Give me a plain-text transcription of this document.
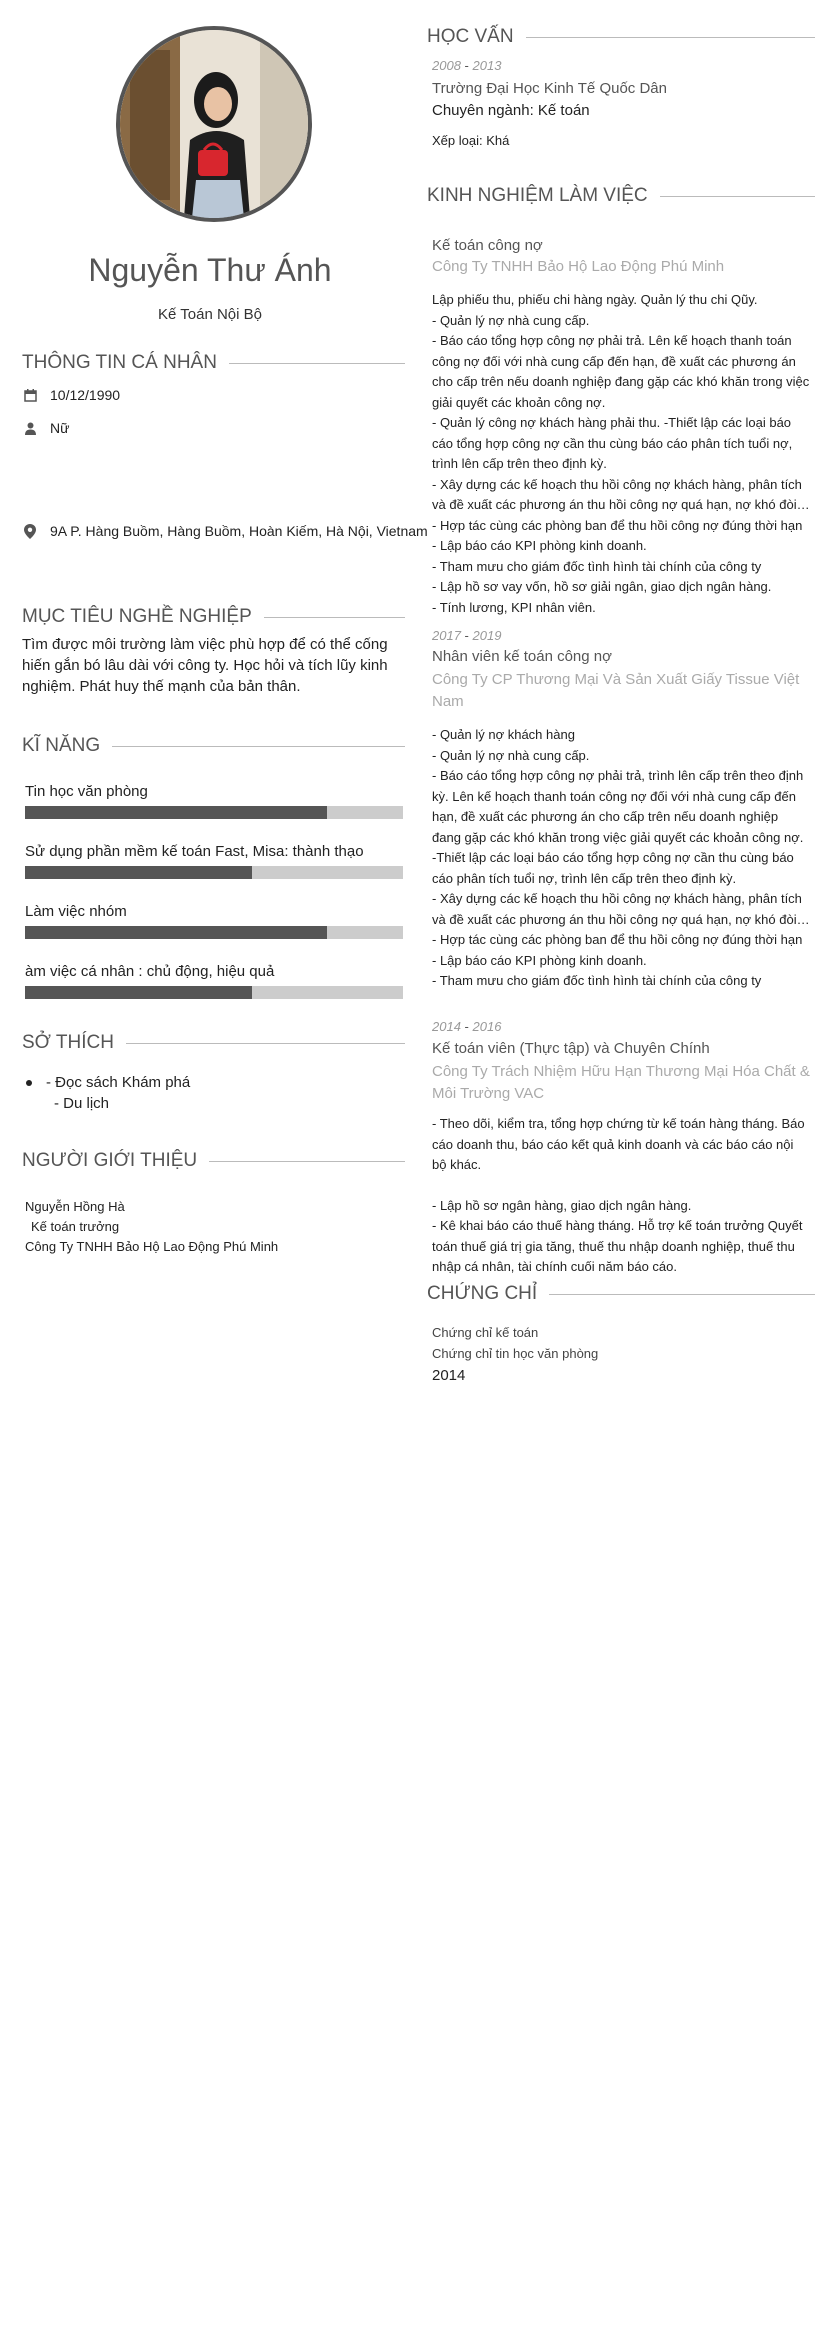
Nguyễn Thư Ánh
Kế Toán Nội Bộ
THÔNG TIN CÁ NHÂN
10/12/1990
Nữ
9A P. Hàng Buồm, Hàng Buồm, Hoàn Kiếm, Hà Nội, Vietnam
MỤC TIÊU NGHỀ NGHIỆP
Tìm được môi trường làm việc phù hợp để có thể cống hiến gắn bó lâu dài với công ty. Học hỏi và tích lũy kinh nghiệm. Phát huy thế mạnh của bản thân.
KĨ NĂNG
Tin học văn phòng
Sử dụng phần mềm kế toán Fast, Misa: thành thạo
Làm việc nhóm
àm việc cá nhân : chủ động, hiệu quả
SỞ THÍCH
- Đọc sách Khám phá
- Du lịch
NGƯỜI GIỚI THIỆU
Nguyễn Hồng Hà
Kế toán trưởng
Công Ty TNHH Bảo Hộ Lao Động Phú Minh
HỌC VẤN
2008 - 2013
Trường Đại Học Kinh Tế Quốc Dân
Chuyên ngành: Kế toán
Xếp loại: Khá
KINH NGHIỆM LÀM VIỆC
Kế toán công nợ
Công Ty TNHH Bảo Hộ Lao Động Phú Minh
Lập phiếu thu, phiếu chi hàng ngày. Quản lý thu chi Qũy.
- Quản lý nợ nhà cung cấp.
- Báo cáo tổng hợp công nợ phải trả. Lên kế hoạch thanh toán công nợ đối với nhà cung cấp đến hạn, đề xuất các phương án cho cấp trên nếu doanh nghiệp đang gặp các khó khăn trong việc giải quyết các khoản công nợ.
- Quản lý công nợ khách hàng phải thu. -Thiết lập các loại báo cáo tổng hợp công nợ cần thu cùng báo cáo phân tích tuổi nợ, trình lên cấp trên theo định kỳ.
- Xây dựng các kế hoạch thu hồi công nợ khách hàng, phân tích và đề xuất các phương án thu hồi công nợ quá hạn, nợ khó đòi…
- Hợp tác cùng các phòng ban để thu hồi công nợ đúng thời hạn
- Lập báo cáo KPI phòng kinh doanh.
- Tham mưu cho giám đốc tình hình tài chính của công ty
- Lập hồ sơ vay vốn, hồ sơ giải ngân, giao dịch ngân hàng.
- Tính lương, KPI nhân viên.
2017 - 2019
Nhân viên kế toán công nợ
Công Ty CP Thương Mại Và Sản Xuất Giấy Tissue Việt Nam
- Quản lý nợ khách hàng
- Quản lý nợ nhà cung cấp.
- Báo cáo tổng hợp công nợ phải trả, trình lên cấp trên theo định kỳ. Lên kế hoạch thanh toán công nợ đối với nhà cung cấp đến hạn, đề xuất các phương án cho cấp trên nếu doanh nghiệp đang gặp các khó khăn trong việc giải quyết các khoản công nợ.
-Thiết lập các loại báo cáo tổng hợp công nợ cần thu cùng báo cáo phân tích tuổi nợ, trình lên cấp trên theo định kỳ.
- Xây dựng các kế hoạch thu hồi công nợ khách hàng, phân tích và đề xuất các phương án thu hồi công nợ quá hạn, nợ khó đòi…
- Hợp tác cùng các phòng ban để thu hồi công nợ đúng thời hạn
- Lập báo cáo KPI phòng kinh doanh.
- Tham mưu cho giám đốc tình hình tài chính của công ty
2014 - 2016
Kế toán viên (Thực tập) và Chuyên Chính
Công Ty Trách Nhiệm Hữu Hạn Thương Mại Hóa Chất & Môi Trường VAC
- Theo dõi, kiểm tra, tổng hợp chứng từ kế toán hàng tháng. Báo cáo doanh thu, báo cáo kết quả kinh doanh và các báo cáo nội bộ khác.
- Lập hồ sơ ngân hàng, giao dịch ngân hàng.
- Kê khai báo cáo thuế hàng tháng. Hỗ trợ kế toán trưởng Quyết toán thuế giá trị gia tăng, thuế thu nhập doanh nghiệp, thuế thu nhập cá nhân, tài chính cuối năm báo cáo.
CHỨNG CHỈ
Chứng chỉ kế toán
Chứng chỉ tin học văn phòng
2014
